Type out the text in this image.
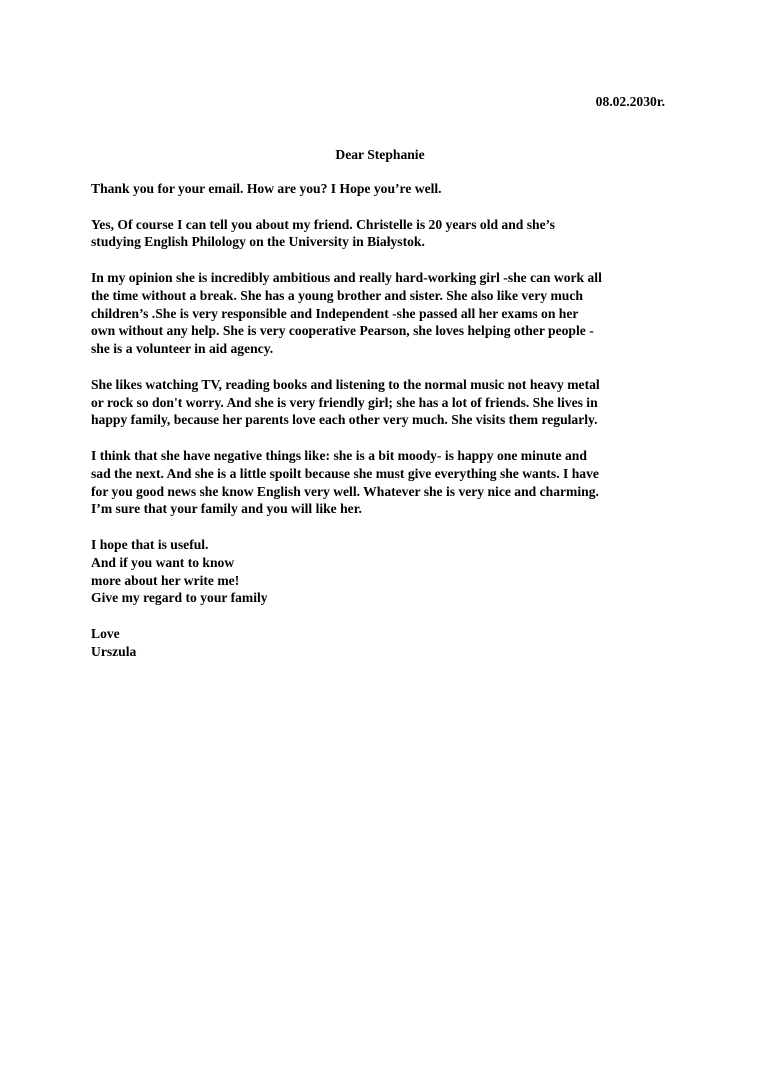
08.02.2030r.
Dear Stephanie
Thank you for your email. How are you? I Hope you’re well.
Yes, Of course I can tell you about my friend. Christelle is 20 years old and she’s
studying English Philology on the University in Białystok.
In my opinion she is incredibly ambitious and really hard-working girl -she can work all
the time without a break. She has a young brother and sister. She also like very much
children’s .She is very responsible and Independent -she passed all her exams on her
own without any help. She is very cooperative Pearson, she loves helping other people -
she is a volunteer in aid agency.
She likes watching TV, reading books and listening to the normal music not heavy metal
or rock so don't worry. And she is very friendly girl; she has a lot of friends. She lives in
happy family, because her parents love each other very much. She visits them regularly.
I think that she have negative things like: she is a bit moody- is happy one minute and
sad the next. And she is a little spoilt because she must give everything she wants. I have
for you good news she know English very well. Whatever she is very nice and charming.
I’m sure that your family and you will like her.
I hope that is useful.
And if you want to know
more about her write me!
Give my regard to your family
Love
Urszula
